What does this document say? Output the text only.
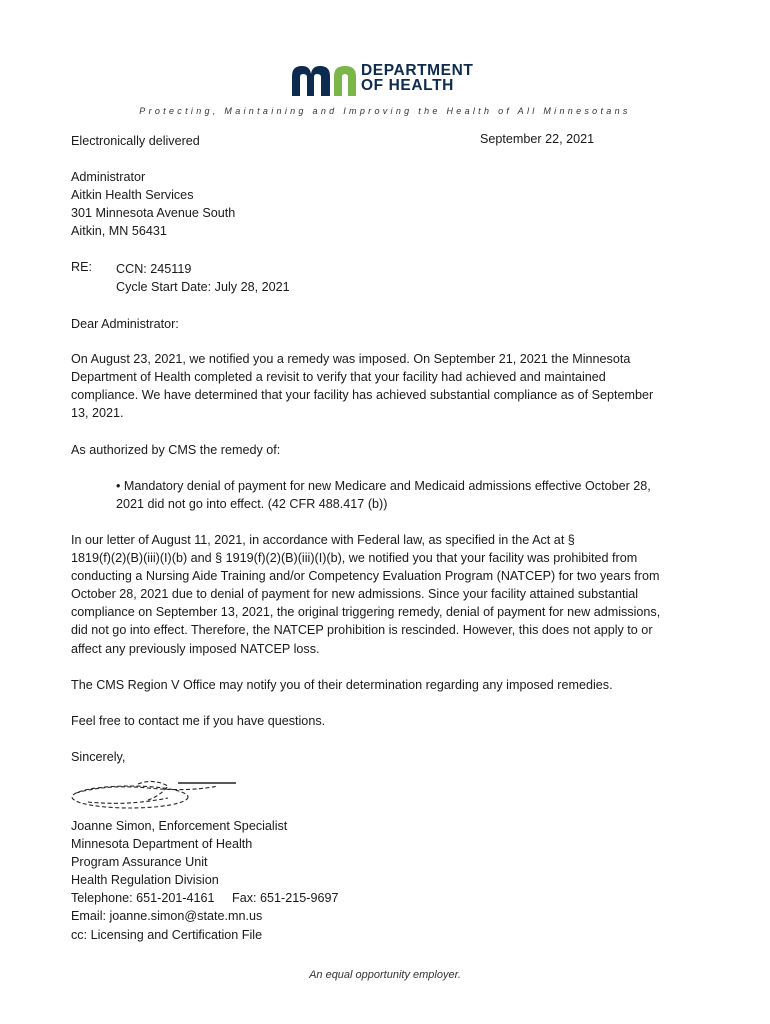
DEPARTMENT
OF HEALTH
Protecting, Maintaining and Improving the Health of All Minnesotans
Electronically delivered	September 22, 2021
Administrator
Aitkin Health Services
301 Minnesota Avenue South
Aitkin, MN 56431
RE: CCN: 245119
Cycle Start Date: July 28, 2021
Dear Administrator:
On August 23, 2021, we notified you a remedy was imposed. On September 21, 2021 the Minnesota
Department of Health completed a revisit to verify that your facility had achieved and maintained
compliance. We have determined that your facility has achieved substantial compliance as of September
13, 2021.
As authorized by CMS the remedy of:
• Mandatory denial of payment for new Medicare and Medicaid admissions effective October 28,
2021 did not go into effect. (42 CFR 488.417 (b))
In our letter of August 11, 2021, in accordance with Federal law, as specified in the Act at §
1819(f)(2)(B)(iii)(I)(b) and § 1919(f)(2)(B)(iii)(I)(b), we notified you that your facility was prohibited from
conducting a Nursing Aide Training and/or Competency Evaluation Program (NATCEP) for two years from
October 28, 2021 due to denial of payment for new admissions. Since your facility attained substantial
compliance on September 13, 2021, the original triggering remedy, denial of payment for new admissions,
did not go into effect. Therefore, the NATCEP prohibition is rescinded. However, this does not apply to or
affect any previously imposed NATCEP loss.
The CMS Region V Office may notify you of their determination regarding any imposed remedies.
Feel free to contact me if you have questions.
Sincerely,
Joanne Simon, Enforcement Specialist
Minnesota Department of Health
Program Assurance Unit
Health Regulation Division
Telephone: 651-201-4161     Fax: 651-215-9697
Email: joanne.simon@state.mn.us
cc: Licensing and Certification File
An equal opportunity employer.
